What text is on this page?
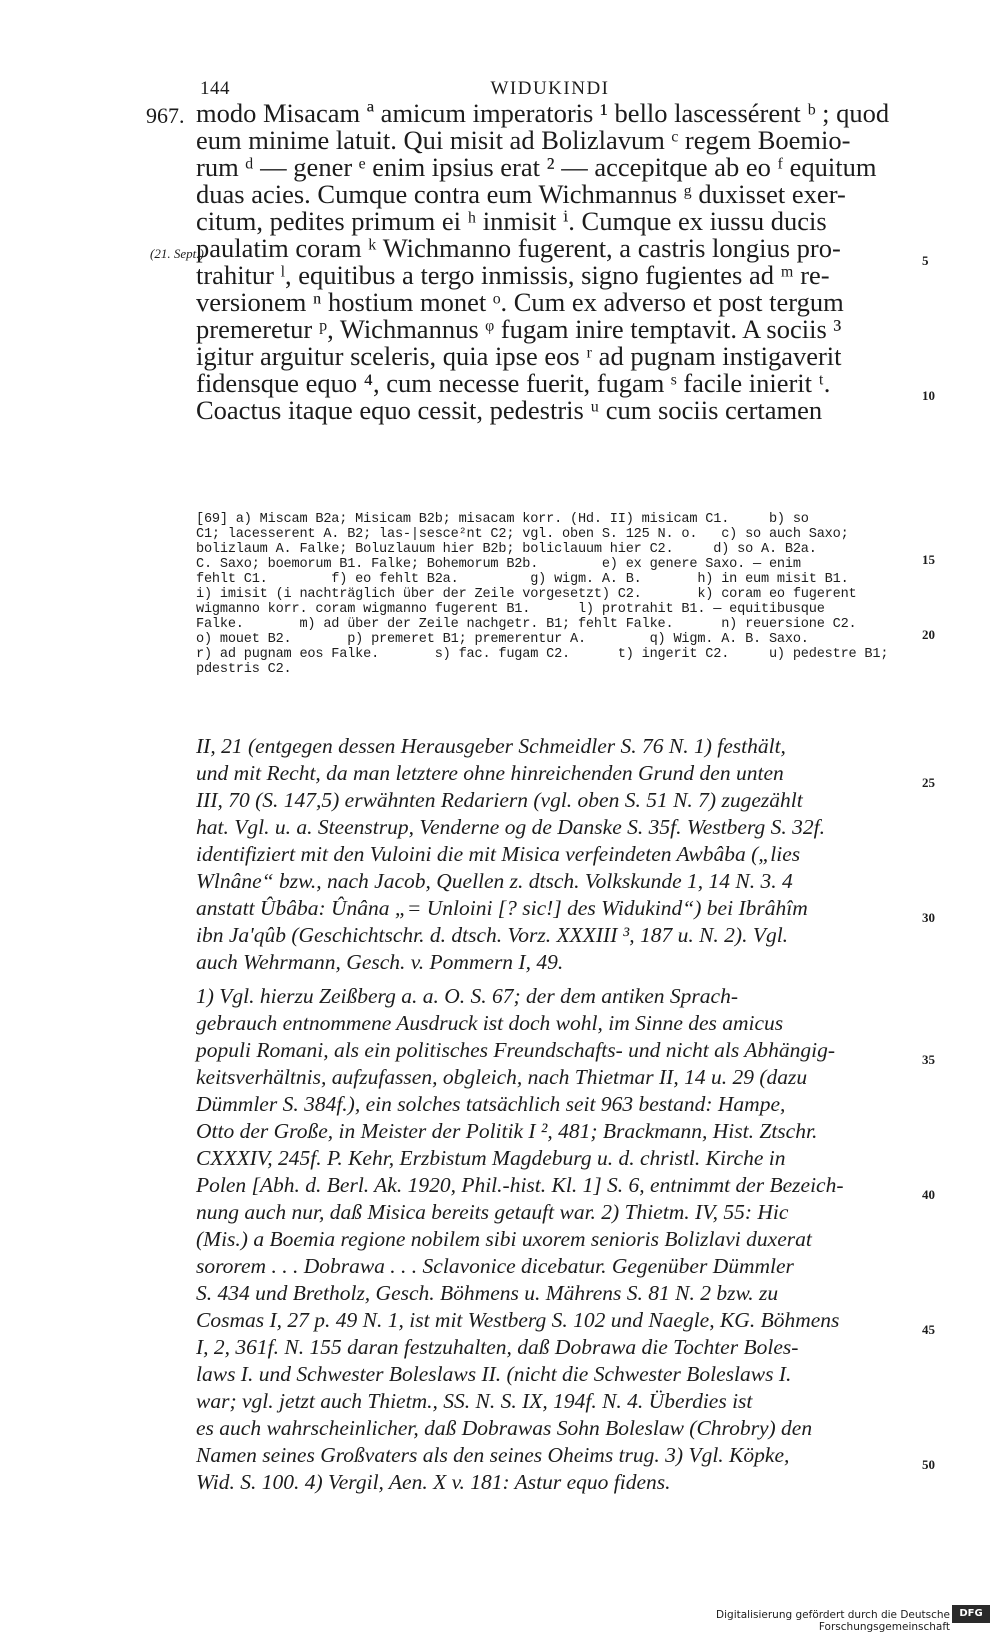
144	WIDUKINDI
967.
(21. Sept.)
modo Misacam ª amicum imperatoris ¹ bello lascessérent ᵇ ; quod
eum minime latuit. Qui misit ad Bolizlavum ᶜ regem Boemio-
rum ᵈ — gener ᵉ enim ipsius erat ² — accepitque ab eo ᶠ equitum
duas acies. Cumque contra eum Wichmannus ᵍ duxisset exer-
citum, pedites primum ei ʰ inmisit ⁱ. Cumque ex iussu ducis
paulatim coram ᵏ Wichmanno fugerent, a castris longius pro-
trahitur ˡ, equitibus a tergo inmissis, signo fugientes ad ᵐ re-
versionem ⁿ hostium monet ᵒ. Cum ex adverso et post tergum
premeretur ᵖ, Wichmannus ᵠ fugam inire temptavit. A sociis ³
igitur arguitur sceleris, quia ipse eos ʳ ad pugnam instigaverit
fidensque equo ⁴, cum necesse fuerit, fugam ˢ facile inierit ᵗ.
Coactus itaque equo cessit, pedestris ᵘ cum sociis certamen
5
10
[69] a) Miscam B2a; Misicam B2b; misacam korr. (Hd. II) misicam C1.     b) so
C1; lacesserent A. B2; las-|sesce²nt C2; vgl. oben S. 125 N. o.   c) so auch Saxo;
bolizlaum A. Falke; Boluzlauum hier B2b; boliclauum hier C2.     d) so A. B2a.
C. Saxo; boemorum B1. Falke; Bohemorum B2b.        e) ex genere Saxo. — enim
fehlt C1.        f) eo fehlt B2a.         g) wigm. A. B.       h) in eum misit B1.
i) imisit (i nachträglich über der Zeile vorgesetzt) C2.       k) coram eo fugerent
wigmanno korr. coram wigmanno fugerent B1.      l) protrahit B1. — equitibusque
Falke.       m) ad über der Zeile nachgetr. B1; fehlt Falke.      n) reuersione C2.
o) mouet B2.       p) premeret B1; premerentur A.        q) Wigm. A. B. Saxo.
r) ad pugnam eos Falke.       s) fac. fugam C2.      t) ingerit C2.     u) pedestre B1;
pdestris C2.
15
20
II, 21 (entgegen dessen Herausgeber Schmeidler S. 76 N. 1) festhält,
und mit Recht, da man letztere ohne hinreichenden Grund den unten
III, 70 (S. 147,5) erwähnten Redariern (vgl. oben S. 51 N. 7) zugezählt
hat. Vgl. u. a. Steenstrup, Venderne og de Danske S. 35f. Westberg S. 32f.
identifiziert mit den Vuloini die mit Misica verfeindeten Awbâba („lies
Wlnâne“ bzw., nach Jacob, Quellen z. dtsch. Volkskunde 1, 14 N. 3. 4
anstatt Ûbâba: Ûnâna „= Unloini [? sic!] des Widukind“) bei Ibrâhîm
ibn Ja'qûb (Geschichtschr. d. dtsch. Vorz. XXXIII ³, 187 u. N. 2). Vgl.
auch Wehrmann, Gesch. v. Pommern I, 49.
1) Vgl. hierzu Zeißberg a. a. O. S. 67; der dem antiken Sprach-
gebrauch entnommene Ausdruck ist doch wohl, im Sinne des amicus
populi Romani, als ein politisches Freundschafts- und nicht als Abhängig-
keitsverhältnis, aufzufassen, obgleich, nach Thietmar II, 14 u. 29 (dazu
Dümmler S. 384f.), ein solches tatsächlich seit 963 bestand: Hampe,
Otto der Große, in Meister der Politik I ², 481; Brackmann, Hist. Ztschr.
CXXXIV, 245f. P. Kehr, Erzbistum Magdeburg u. d. christl. Kirche in
Polen [Abh. d. Berl. Ak. 1920, Phil.-hist. Kl. 1] S. 6, entnimmt der Bezeich-
nung auch nur, daß Misica bereits getauft war. 2) Thietm. IV, 55: Hic
(Mis.) a Boemia regione nobilem sibi uxorem senioris Bolizlavi duxerat
sororem . . . Dobrawa . . . Sclavonice dicebatur. Gegenüber Dümmler
S. 434 und Bretholz, Gesch. Böhmens u. Mährens S. 81 N. 2 bzw. zu
Cosmas I, 27 p. 49 N. 1, ist mit Westberg S. 102 und Naegle, KG. Böhmens
I, 2, 361f. N. 155 daran festzuhalten, daß Dobrawa die Tochter Boles-
laws I. und Schwester Boleslaws II. (nicht die Schwester Boleslaws I.
war; vgl. jetzt auch Thietm., SS. N. S. IX, 194f. N. 4. Überdies ist
es auch wahrscheinlicher, daß Dobrawas Sohn Boleslaw (Chrobry) den
Namen seines Großvaters als den seines Oheims trug. 3) Vgl. Köpke,
Wid. S. 100. 4) Vergil, Aen. X v. 181: Astur equo fidens.
25
30
35
40
45
50
Digitalisierung gefördert durch die Deutsche Forschungsgemeinschaft
DFG
